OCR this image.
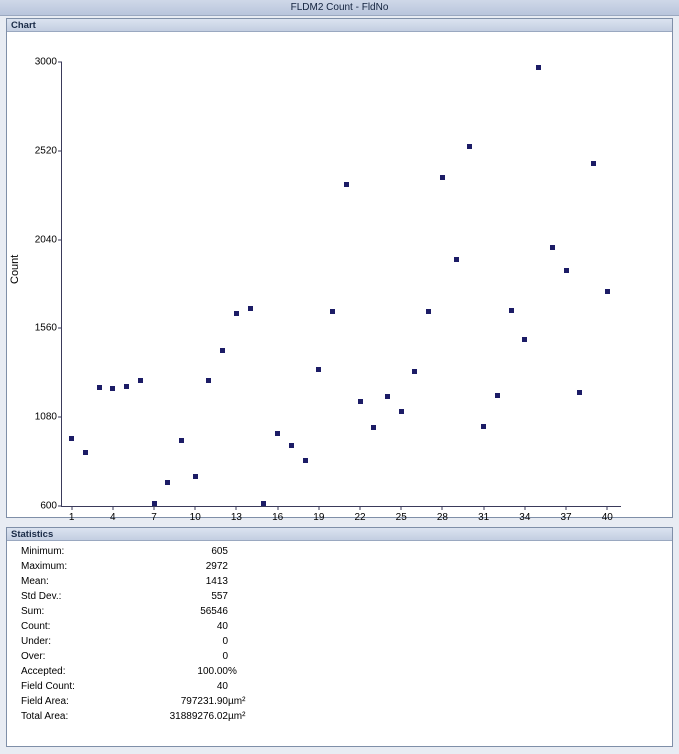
FLDM2 Count - FldNo
Chart
Count
600
1080
1560
2040
2520
3000
1	4	7	10	13	16	19	22	25	28	31	34	37	40
Statistics
Minimum:	605	
Maximum:	2972	
Mean:	1413	
Std Dev.:	557	
Sum:	56546	
Count:	40	
Under:	0	
Over:	0	
Accepted:	100.00	%
Field Count:	40	
Field Area:	797231.90	µm²
Total Area:	31889276.02	µm²
